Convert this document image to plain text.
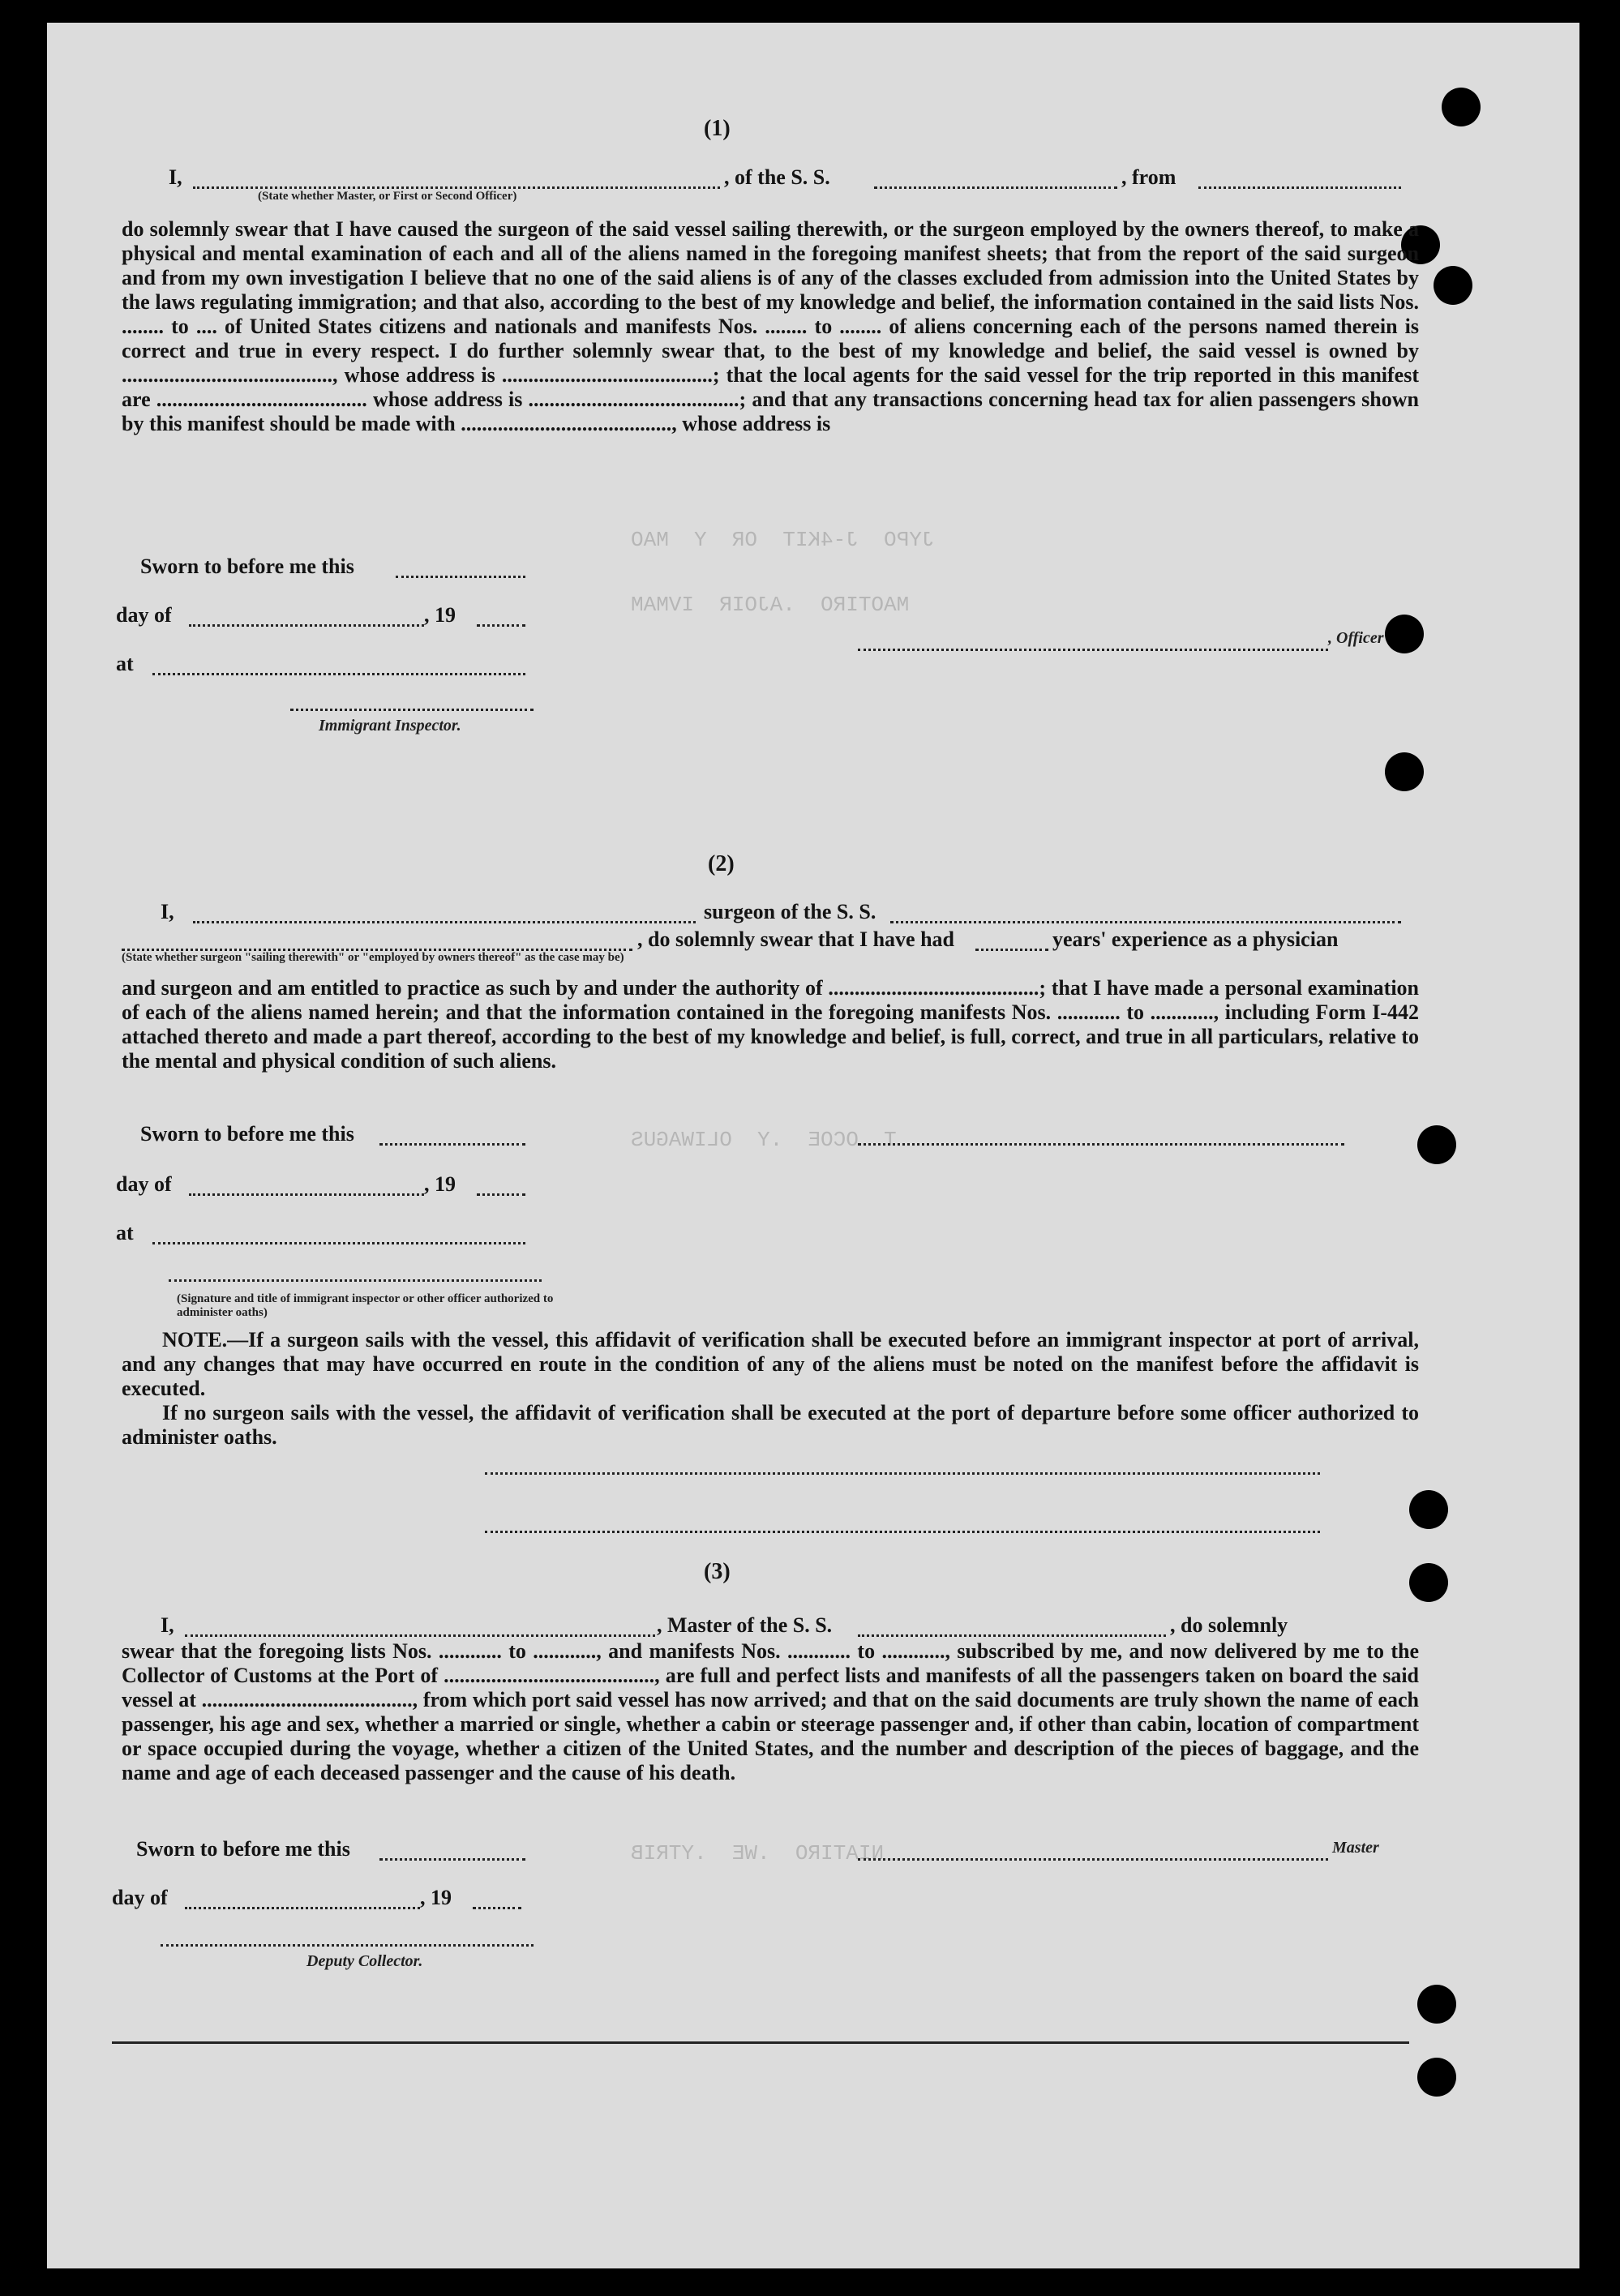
JYPO  J-4KIT  OR  Y  MAO
MAOTIRO  .AJOIR  IVMAM
T  OCOE  .Y  OLIWAGUS
NIATIRO  .WE  .YTRIB
(1)
I,	, of the S. S.	, from
(State whether Master, or First or Second Officer)

do solemnly swear that I have caused the surgeon of the said vessel sailing therewith, or the surgeon employed by the owners thereof, to make a physical and mental examination of each and all of the aliens named in the foregoing manifest sheets; that from the report of the said surgeon and from my own investigation I believe that no one of the said aliens is of any of the classes excluded from admission into the United States by the laws regulating immigration; and that also, according to the best of my knowledge and belief, the information contained in the said lists Nos. ........ to .... of United States citizens and nationals and manifests Nos. ........ to ........ of aliens concerning each of the persons named therein is correct and true in every respect. I do further solemnly swear that, to the best of my knowledge and belief, the said vessel is owned by ........................................, whose address is ........................................; that the local agents for the said vessel for the trip reported in this manifest are ........................................ whose address is ........................................; and that any transactions concerning head tax for alien passengers shown by this manifest should be made with ........................................, whose address is

Sworn to before me this
day of	, 19
at
, Officer
Immigrant Inspector.
(2)
I,	surgeon of the S. S.
, do solemnly swear that I have had	years' experience as a physician
(State whether surgeon "sailing therewith" or "employed by owners thereof" as the case may be)

and surgeon and am entitled to practice as such by and under the authority of ........................................; that I have made a personal examination of each of the aliens named herein; and that the information contained in the foregoing manifests Nos. ............ to ............, including Form I-442 attached thereto and made a part thereof, according to the best of my knowledge and belief, is full, correct, and true in all particulars, relative to the mental and physical condition of such aliens.

Sworn to before me this
day of	, 19
at
(Signature and title of immigrant inspector or other officer authorized to administer oaths)

NOTE.—If a surgeon sails with the vessel, this affidavit of verification shall be executed before an immigrant inspector at port of arrival, and any changes that may have occurred en route in the condition of any of the aliens must be noted on the manifest before the affidavit is executed.

If no surgeon sails with the vessel, the affidavit of verification shall be executed at the port of departure before some officer authorized to administer oaths.

(3)
I,	, Master of the S. S.	, do solemnly

swear that the foregoing lists Nos. ............ to ............, and manifests Nos. ............ to ............, subscribed by me, and now delivered by me to the Collector of Customs at the Port of ........................................, are full and perfect lists and manifests of all the passengers taken on board the said vessel at ........................................, from which port said vessel has now arrived; and that on the said documents are truly shown the name of each passenger, his age and sex, whether a married or single, whether a cabin or steerage passenger and, if other than cabin, location of compartment or space occupied during the voyage, whether a citizen of the United States, and the number and description of the pieces of baggage, and the name and age of each deceased passenger and the cause of his death.

Sworn to before me this	Master
day of	, 19
Deputy Collector.
